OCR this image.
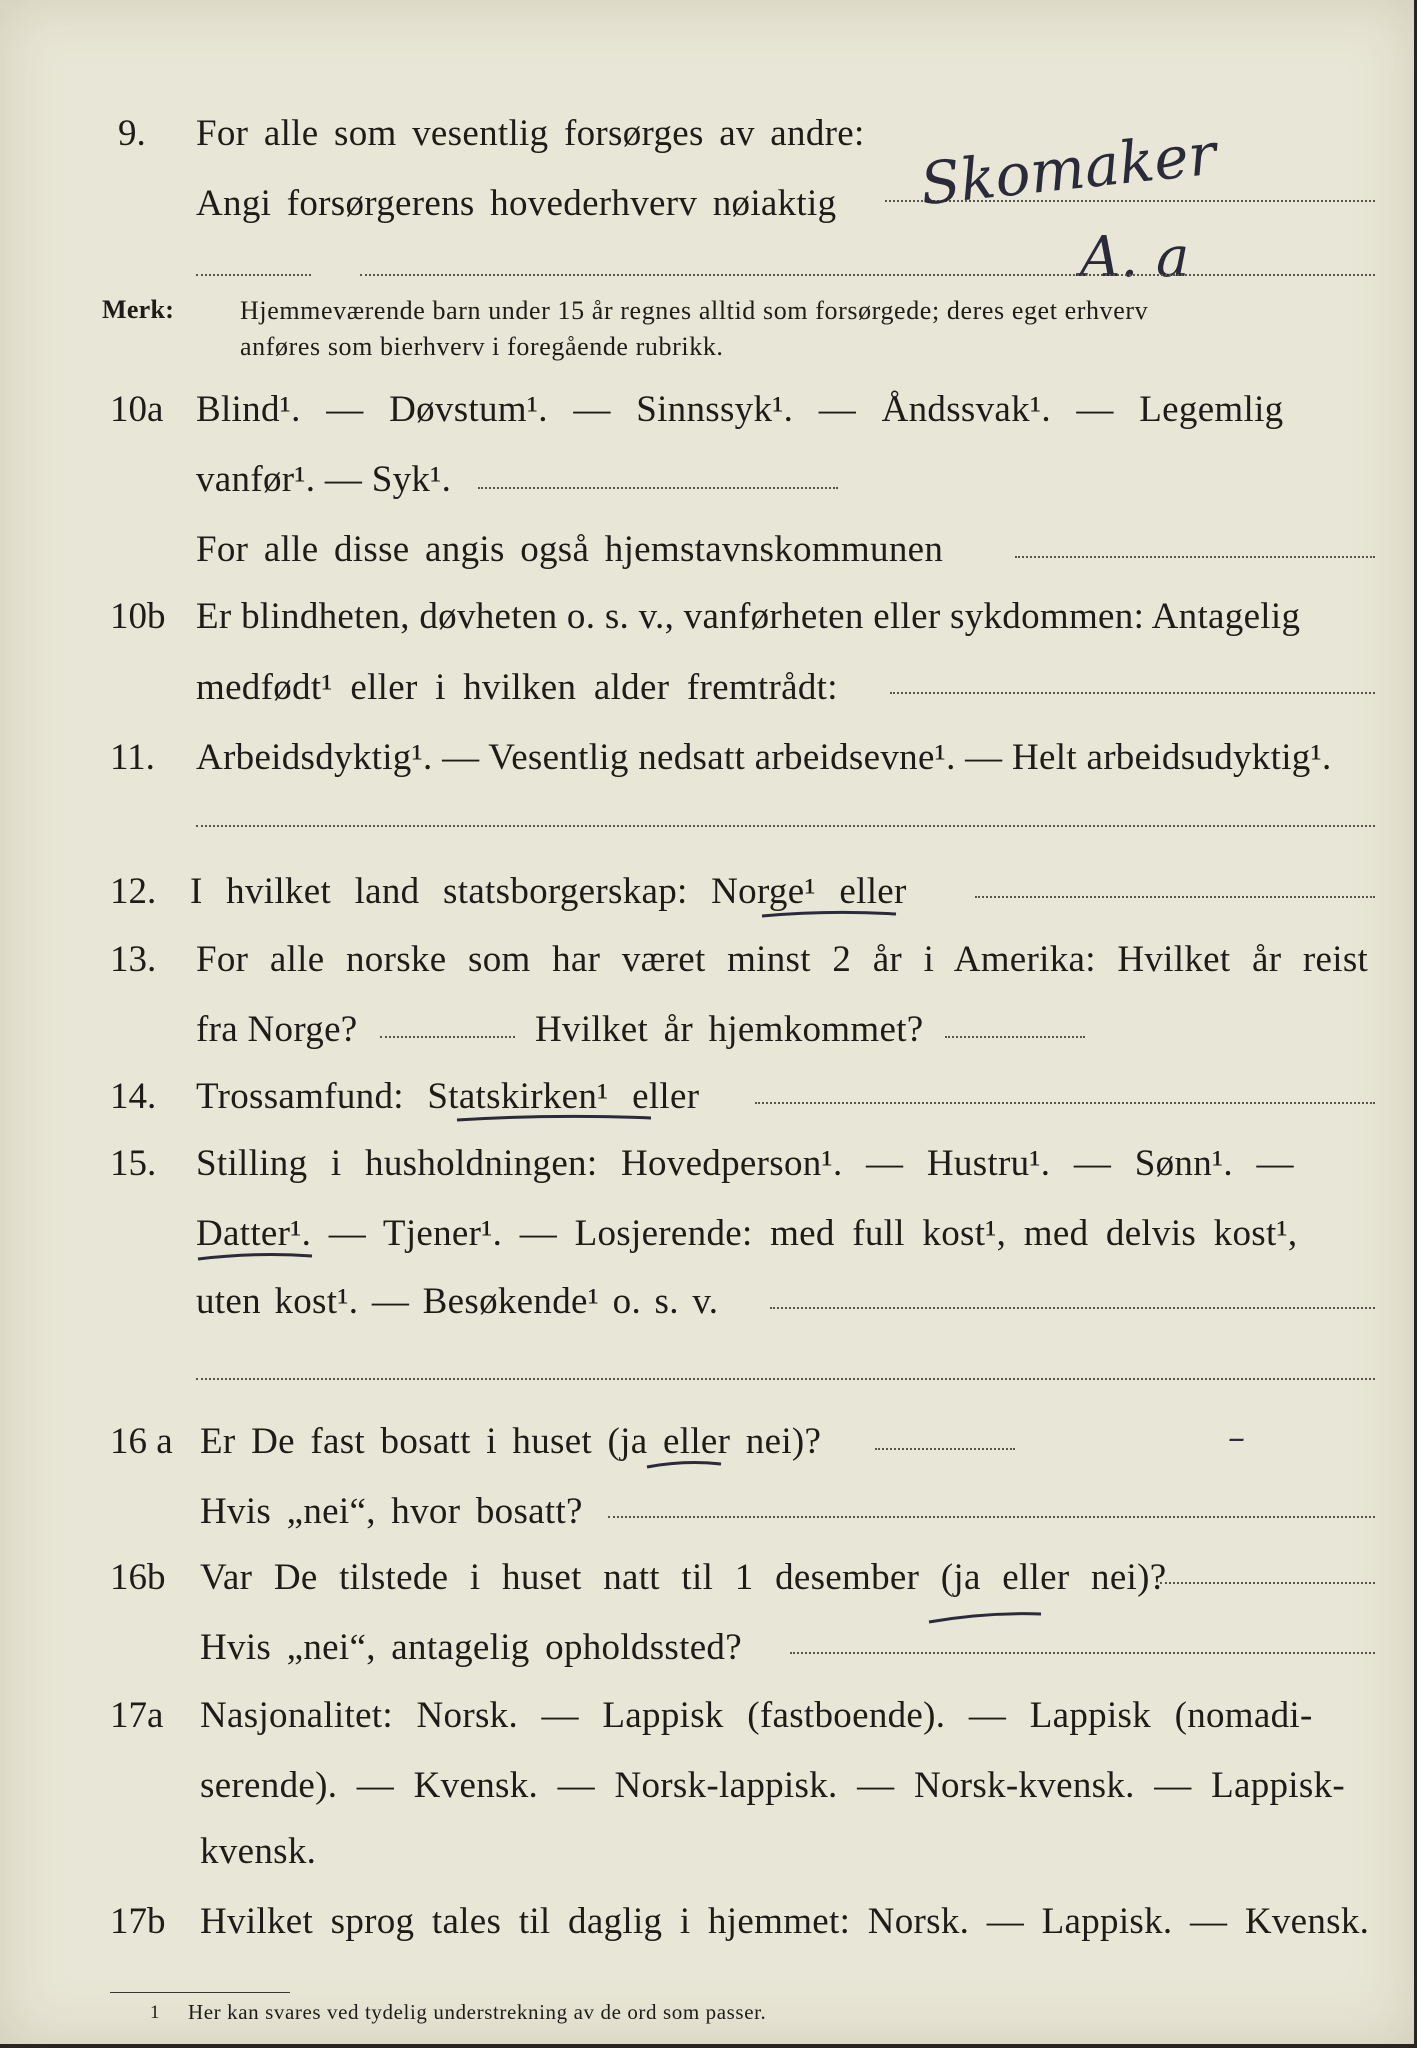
9. For alle som vesentlig forsørges av andre:
Angi forsørgerens hovederhverv nøiaktig Skomaker
A. a
Merk:	Hjemmeværende barn under 15 år regnes alltid som forsørgede; deres eget erhverv
anføres som bierhverv i foregående rubrikk.
10a Blind¹. — Døvstum¹. — Sinnssyk¹. — Åndssvak¹. — Legemlig
vanfør¹. — Syk¹.
For alle disse angis også hjemstavnskommunen
10b Er blindheten, døvheten o. s. v., vanførheten eller sykdommen: Antagelig
medfødt¹ eller i hvilken alder fremtrådt:
11. Arbeidsdyktig¹. — Vesentlig nedsatt arbeidsevne¹. — Helt arbeidsudyktig¹.
12. I hvilket land statsborgerskap: Norge¹ eller
13. For alle norske som har været minst 2 år i Amerika: Hvilket år reist
fra Norge?	Hvilket år hjemkommet?
14. Trossamfund: Statskirken¹ eller
15. Stilling i husholdningen: Hovedperson¹. — Hustru¹. — Sønn¹. —
Datter¹. — Tjener¹. — Losjerende: med full kost¹, med delvis kost¹,
uten kost¹. — Besøkende¹ o. s. v.
16 a Er De fast bosatt i huset (ja eller nei)?	–
Hvis „nei“, hvor bosatt?
16b Var De tilstede i huset natt til 1 desember (ja eller nei)?
Hvis „nei“, antagelig opholdssted?
17a Nasjonalitet: Norsk. — Lappisk (fastboende). — Lappisk (nomadi-
serende). — Kvensk. — Norsk-lappisk. — Norsk-kvensk. — Lappisk-
kvensk.
17b Hvilket sprog tales til daglig i hjemmet: Norsk. — Lappisk. — Kvensk.
1 Her kan svares ved tydelig understrekning av de ord som passer.
